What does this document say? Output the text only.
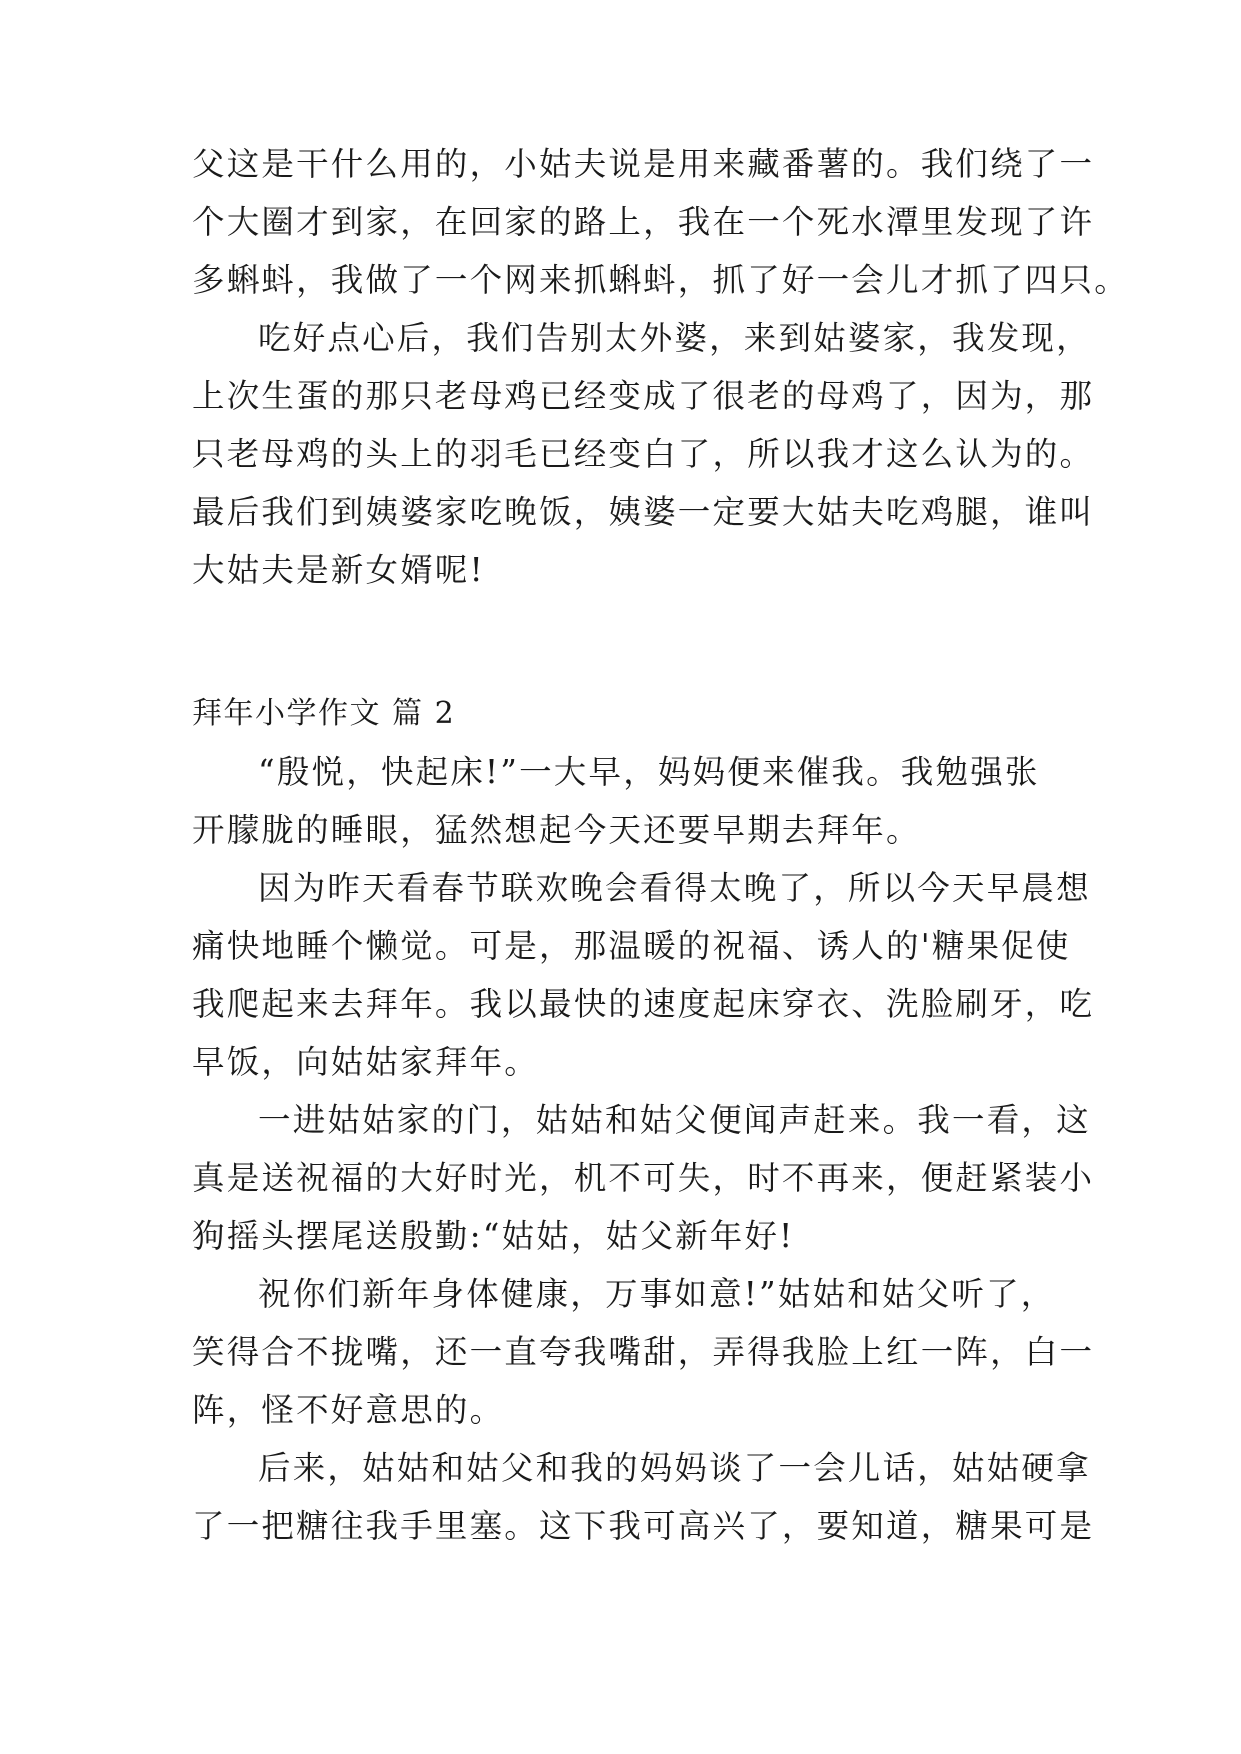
父这是干什么用的，小姑夫说是用来藏番薯的。我们绕了一
个大圈才到家，在回家的路上，我在一个死水潭里发现了许
多蝌蚪，我做了一个网来抓蝌蚪，抓了好一会儿才抓了四只。
吃好点心后，我们告别太外婆，来到姑婆家，我发现，
上次生蛋的那只老母鸡已经变成了很老的母鸡了，因为，那
只老母鸡的头上的羽毛已经变白了，所以我才这么认为的。
最后我们到姨婆家吃晚饭，姨婆一定要大姑夫吃鸡腿，谁叫
大姑夫是新女婿呢!
拜年小学作文 篇 2
“殷悦，快起床!”一大早，妈妈便来催我。我勉强张
开朦胧的睡眼，猛然想起今天还要早期去拜年。
因为昨天看春节联欢晚会看得太晚了，所以今天早晨想
痛快地睡个懒觉。可是，那温暖的祝福、诱人的'糖果促使
我爬起来去拜年。我以最快的速度起床穿衣、洗脸刷牙，吃
早饭，向姑姑家拜年。
一进姑姑家的门，姑姑和姑父便闻声赶来。我一看，这
真是送祝福的大好时光，机不可失，时不再来，便赶紧装小
狗摇头摆尾送殷勤:“姑姑，姑父新年好!
祝你们新年身体健康，万事如意!”姑姑和姑父听了，
笑得合不拢嘴，还一直夸我嘴甜，弄得我脸上红一阵，白一
阵，怪不好意思的。
后来，姑姑和姑父和我的妈妈谈了一会儿话，姑姑硬拿
了一把糖往我手里塞。这下我可高兴了，要知道，糖果可是
